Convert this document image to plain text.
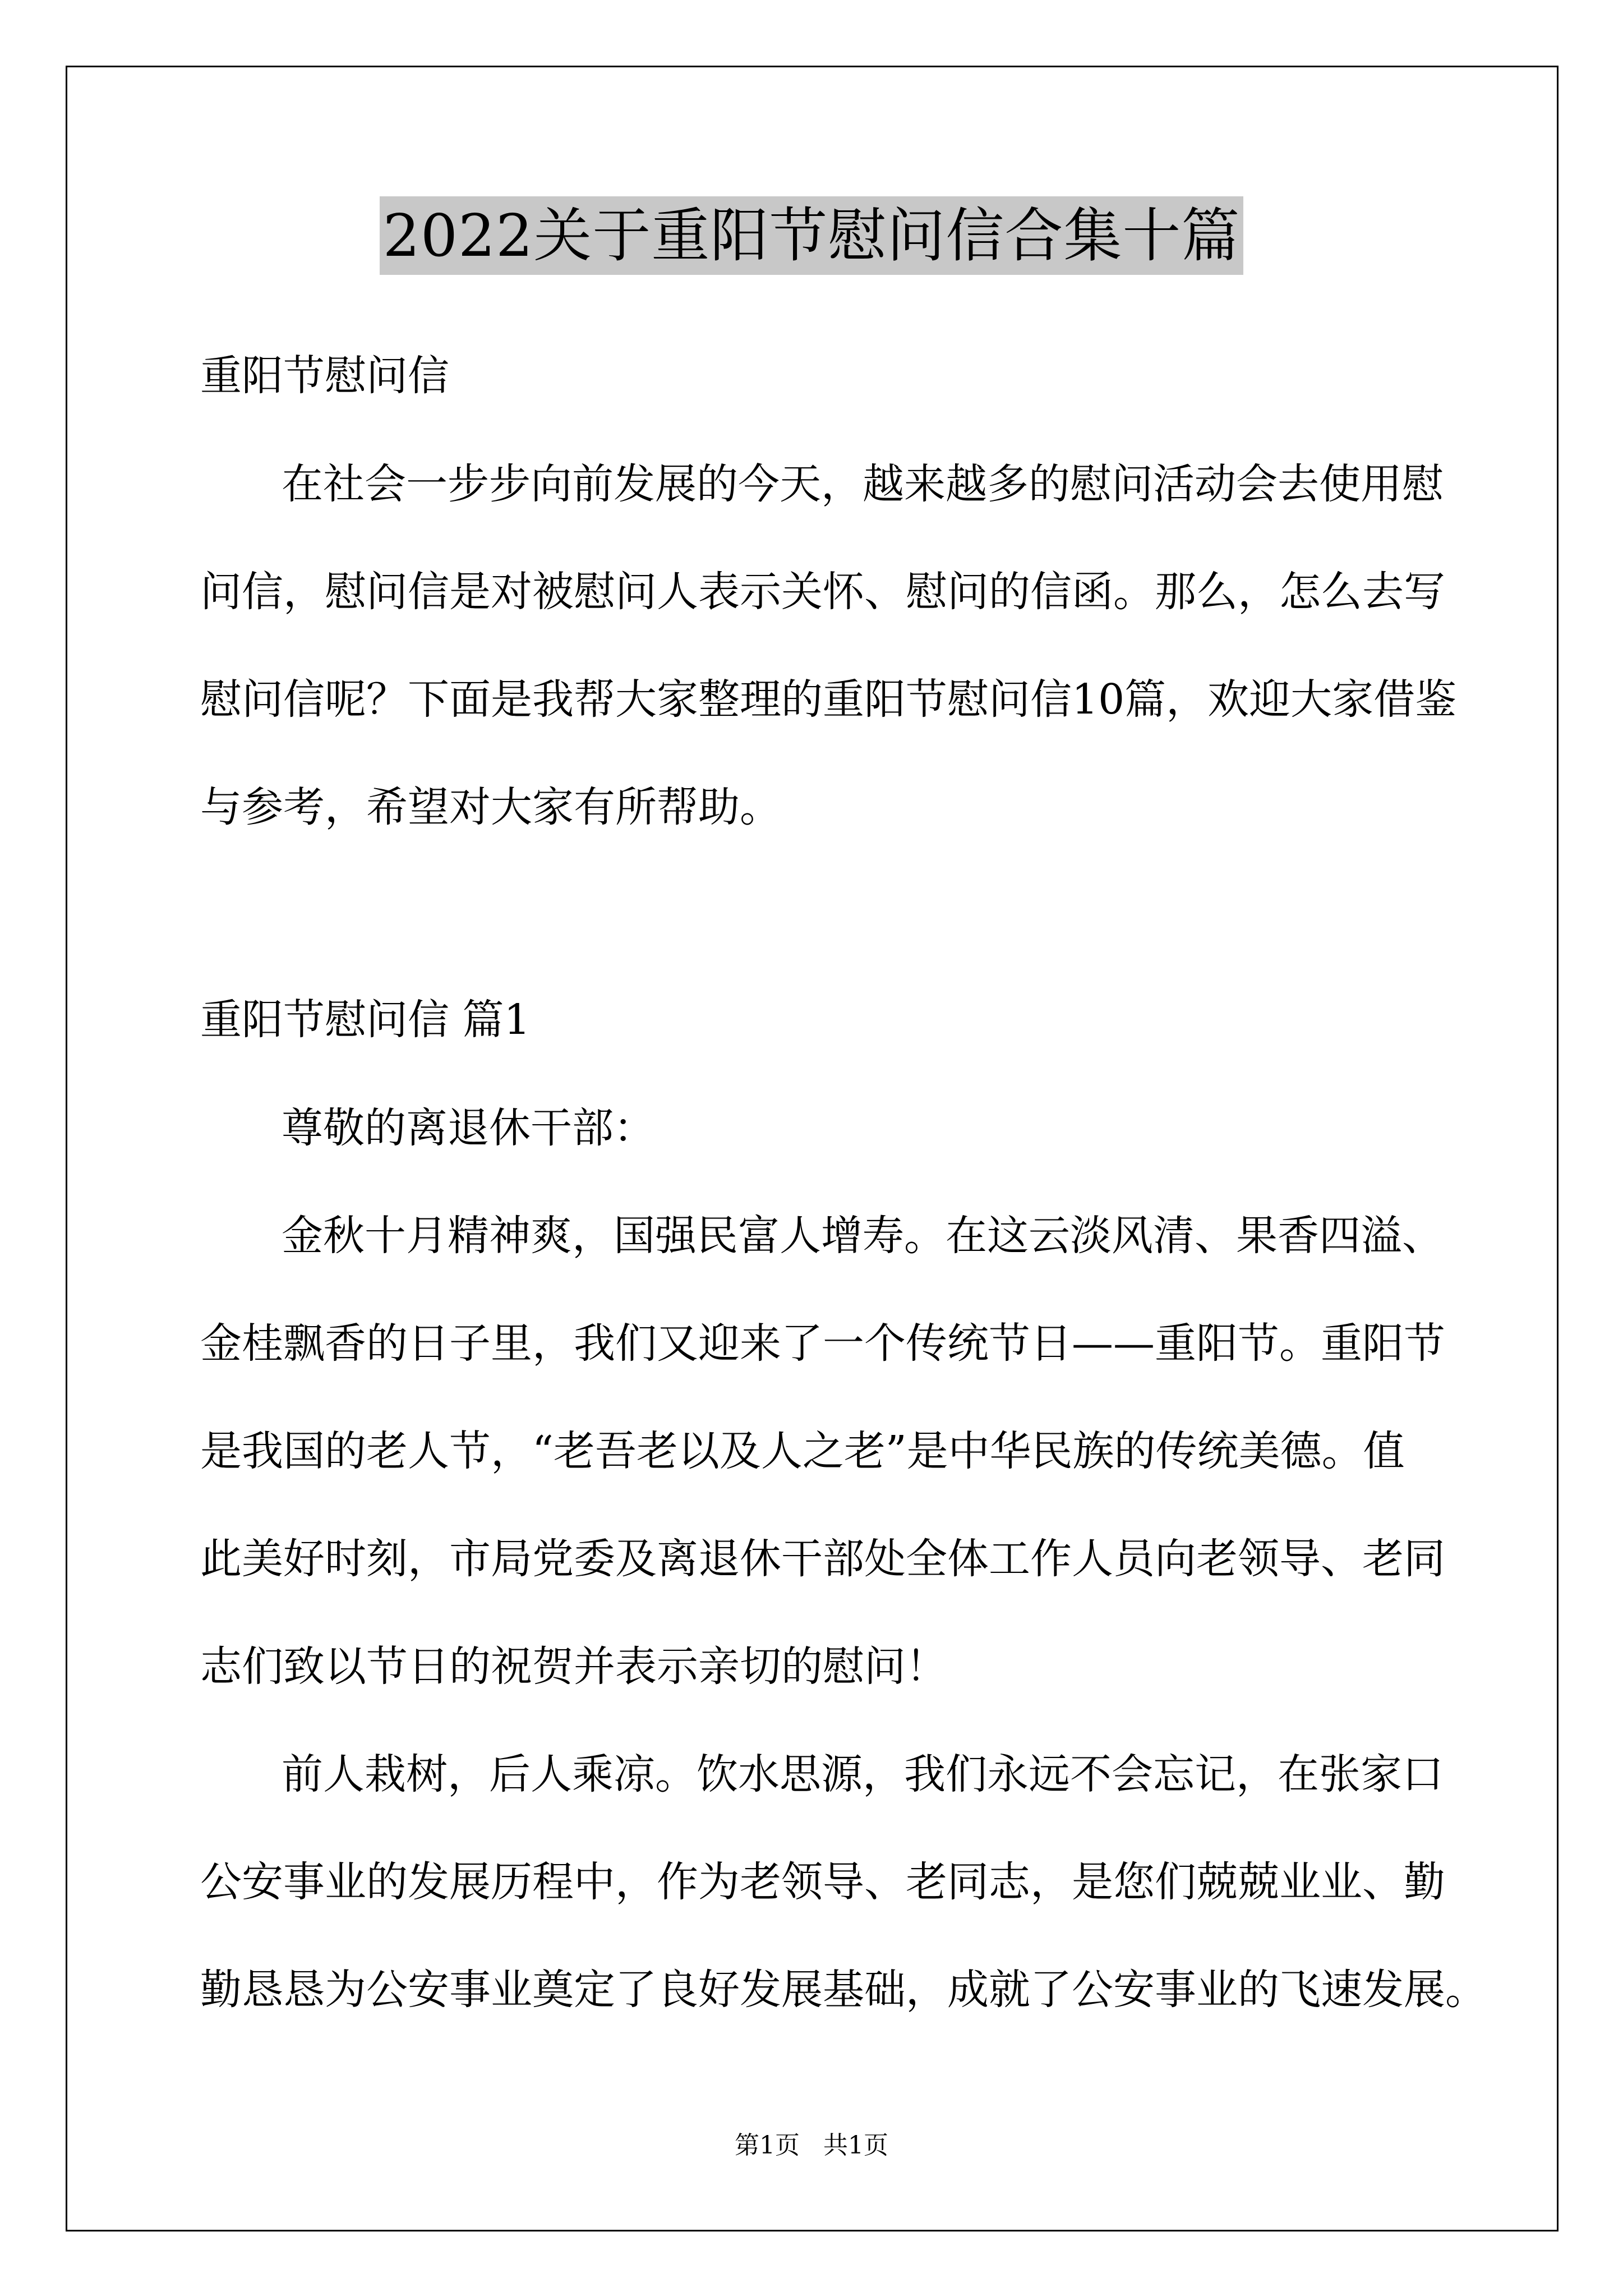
2022关于重阳节慰问信合集十篇
重阳节慰问信
在社会一步步向前发展的今天，越来越多的慰问活动会去使用慰
问信，慰问信是对被慰问人表示关怀、慰问的信函。那么，怎么去写
慰问信呢？下面是我帮大家整理的重阳节慰问信10篇，欢迎大家借鉴
与参考，希望对大家有所帮助。
重阳节慰问信 篇1
尊敬的离退休干部：
金秋十月精神爽，国强民富人增寿。在这云淡风清、果香四溢、
金桂飘香的日子里，我们又迎来了一个传统节日——重阳节。重阳节
是我国的老人节，“老吾老以及人之老”是中华民族的传统美德。值
此美好时刻，市局党委及离退休干部处全体工作人员向老领导、老同
志们致以节日的祝贺并表示亲切的慰问！
前人栽树，后人乘凉。饮水思源，我们永远不会忘记，在张家口
公安事业的发展历程中，作为老领导、老同志，是您们兢兢业业、勤
勤恳恳为公安事业奠定了良好发展基础，成就了公安事业的飞速发展。
第1页 共1页
